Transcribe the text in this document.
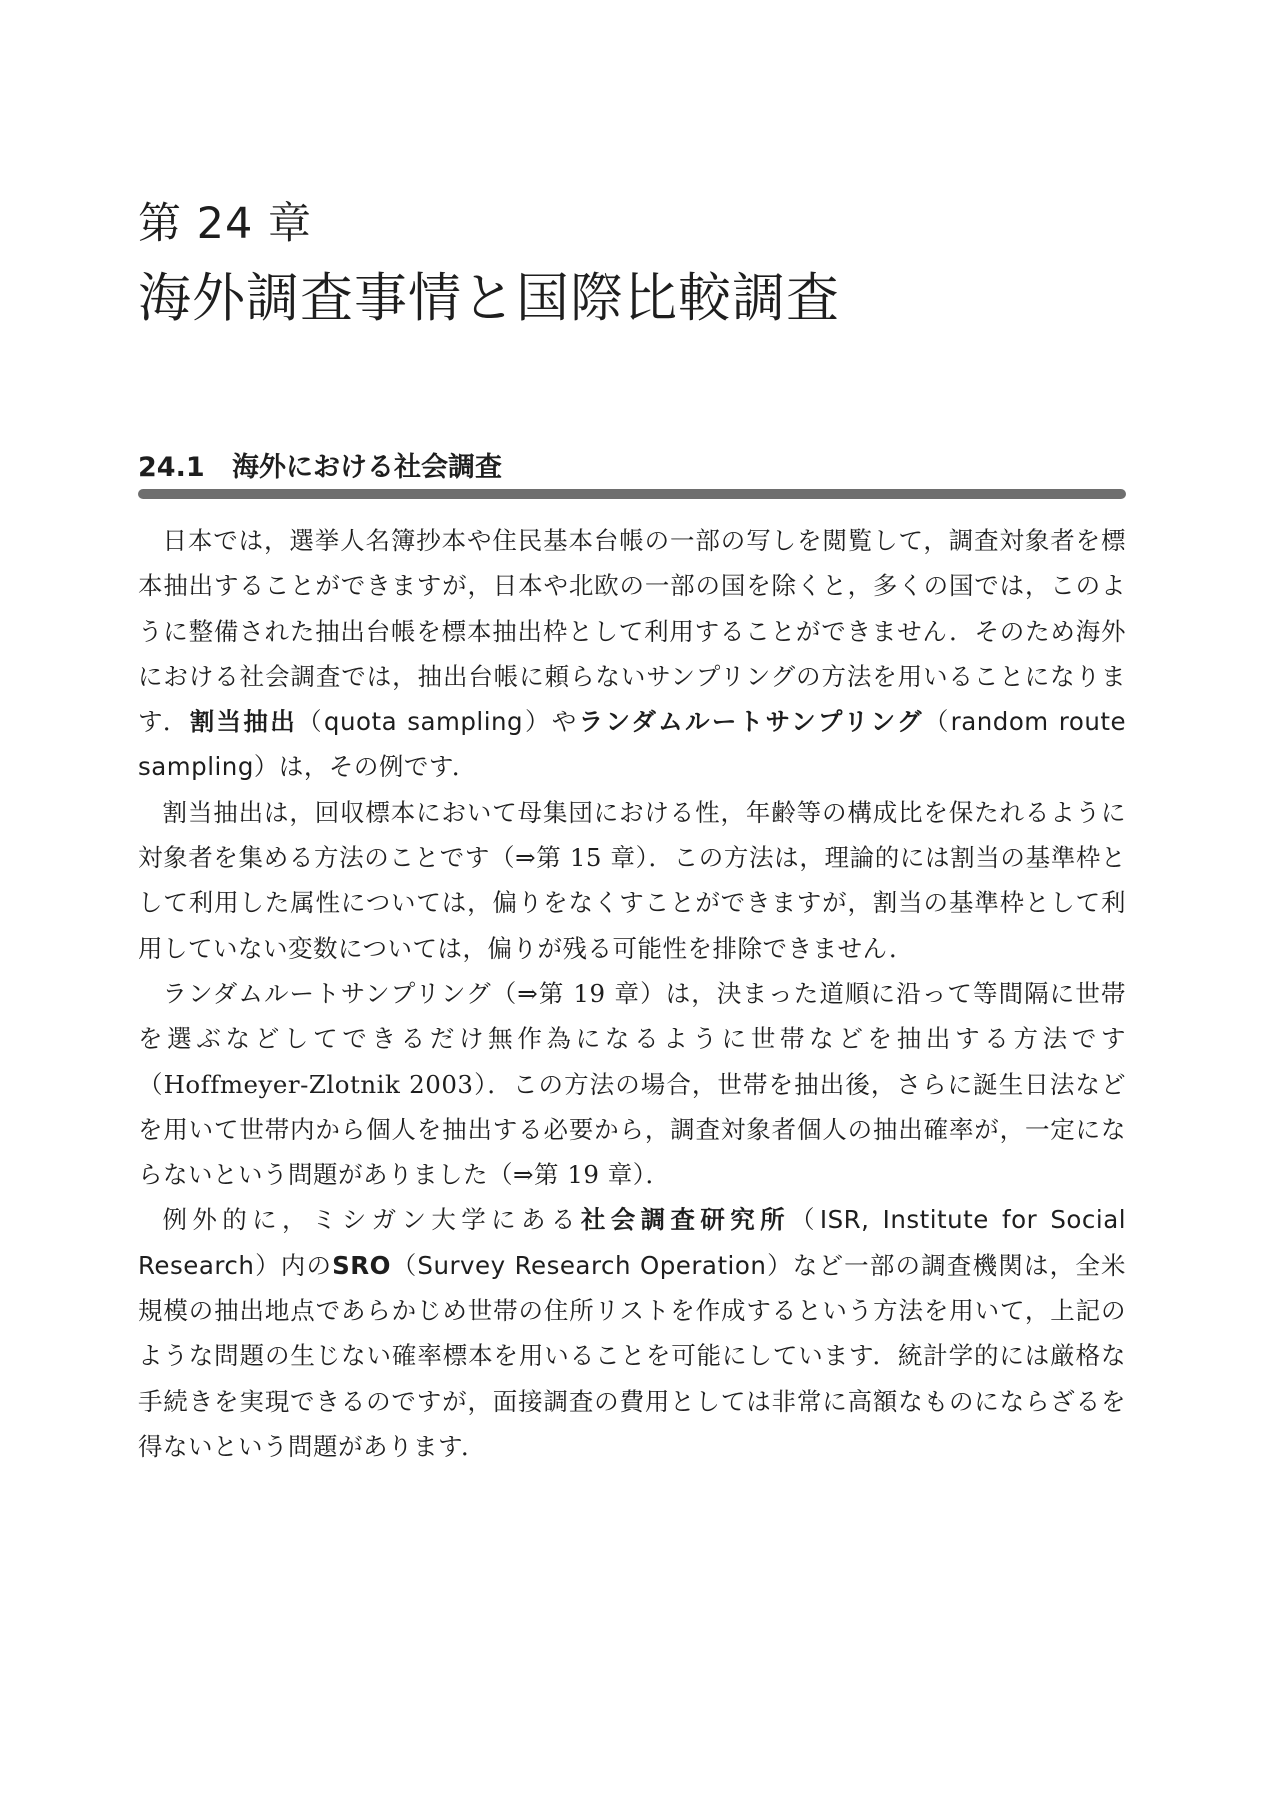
第 24 章
海外調査事情と国際比較調査
24.1 海外における社会調査

日本では，選挙人名簿抄本や住民基本台帳の一部の写しを閲覧して，調査対象者を標本抽出することができますが，日本や北欧の一部の国を除くと，多くの国では，このように整備された抽出台帳を標本抽出枠として利用することができません．そのため海外における社会調査では，抽出台帳に頼らないサンプリングの方法を用いることになります．割当抽出（quota sampling）やランダムルートサンプリング（random route sampling）は，その例です．

割当抽出は，回収標本において母集団における性，年齢等の構成比を保たれるように対象者を集める方法のことです（⇒第 15 章）．この方法は，理論的には割当の基準枠として利用した属性については，偏りをなくすことができますが，割当の基準枠として利用していない変数については，偏りが残る可能性を排除できません．

ランダムルートサンプリング（⇒第 19 章）は，決まった道順に沿って等間隔に世帯を選ぶなどしてできるだけ無作為になるように世帯などを抽出する方法です（Hoffmeyer-Zlotnik 2003）．この方法の場合，世帯を抽出後，さらに誕生日法などを用いて世帯内から個人を抽出する必要から，調査対象者個人の抽出確率が，一定にならないという問題がありました（⇒第 19 章）．

例外的に，ミシガン大学にある社会調査研究所（ISR, Institute for Social Research）内のSRO（Survey Research Operation）など一部の調査機関は，全米規模の抽出地点であらかじめ世帯の住所リストを作成するという方法を用いて，上記のような問題の生じない確率標本を用いることを可能にしています．統計学的には厳格な手続きを実現できるのですが，面接調査の費用としては非常に高額なものにならざるを得ないという問題があります．
